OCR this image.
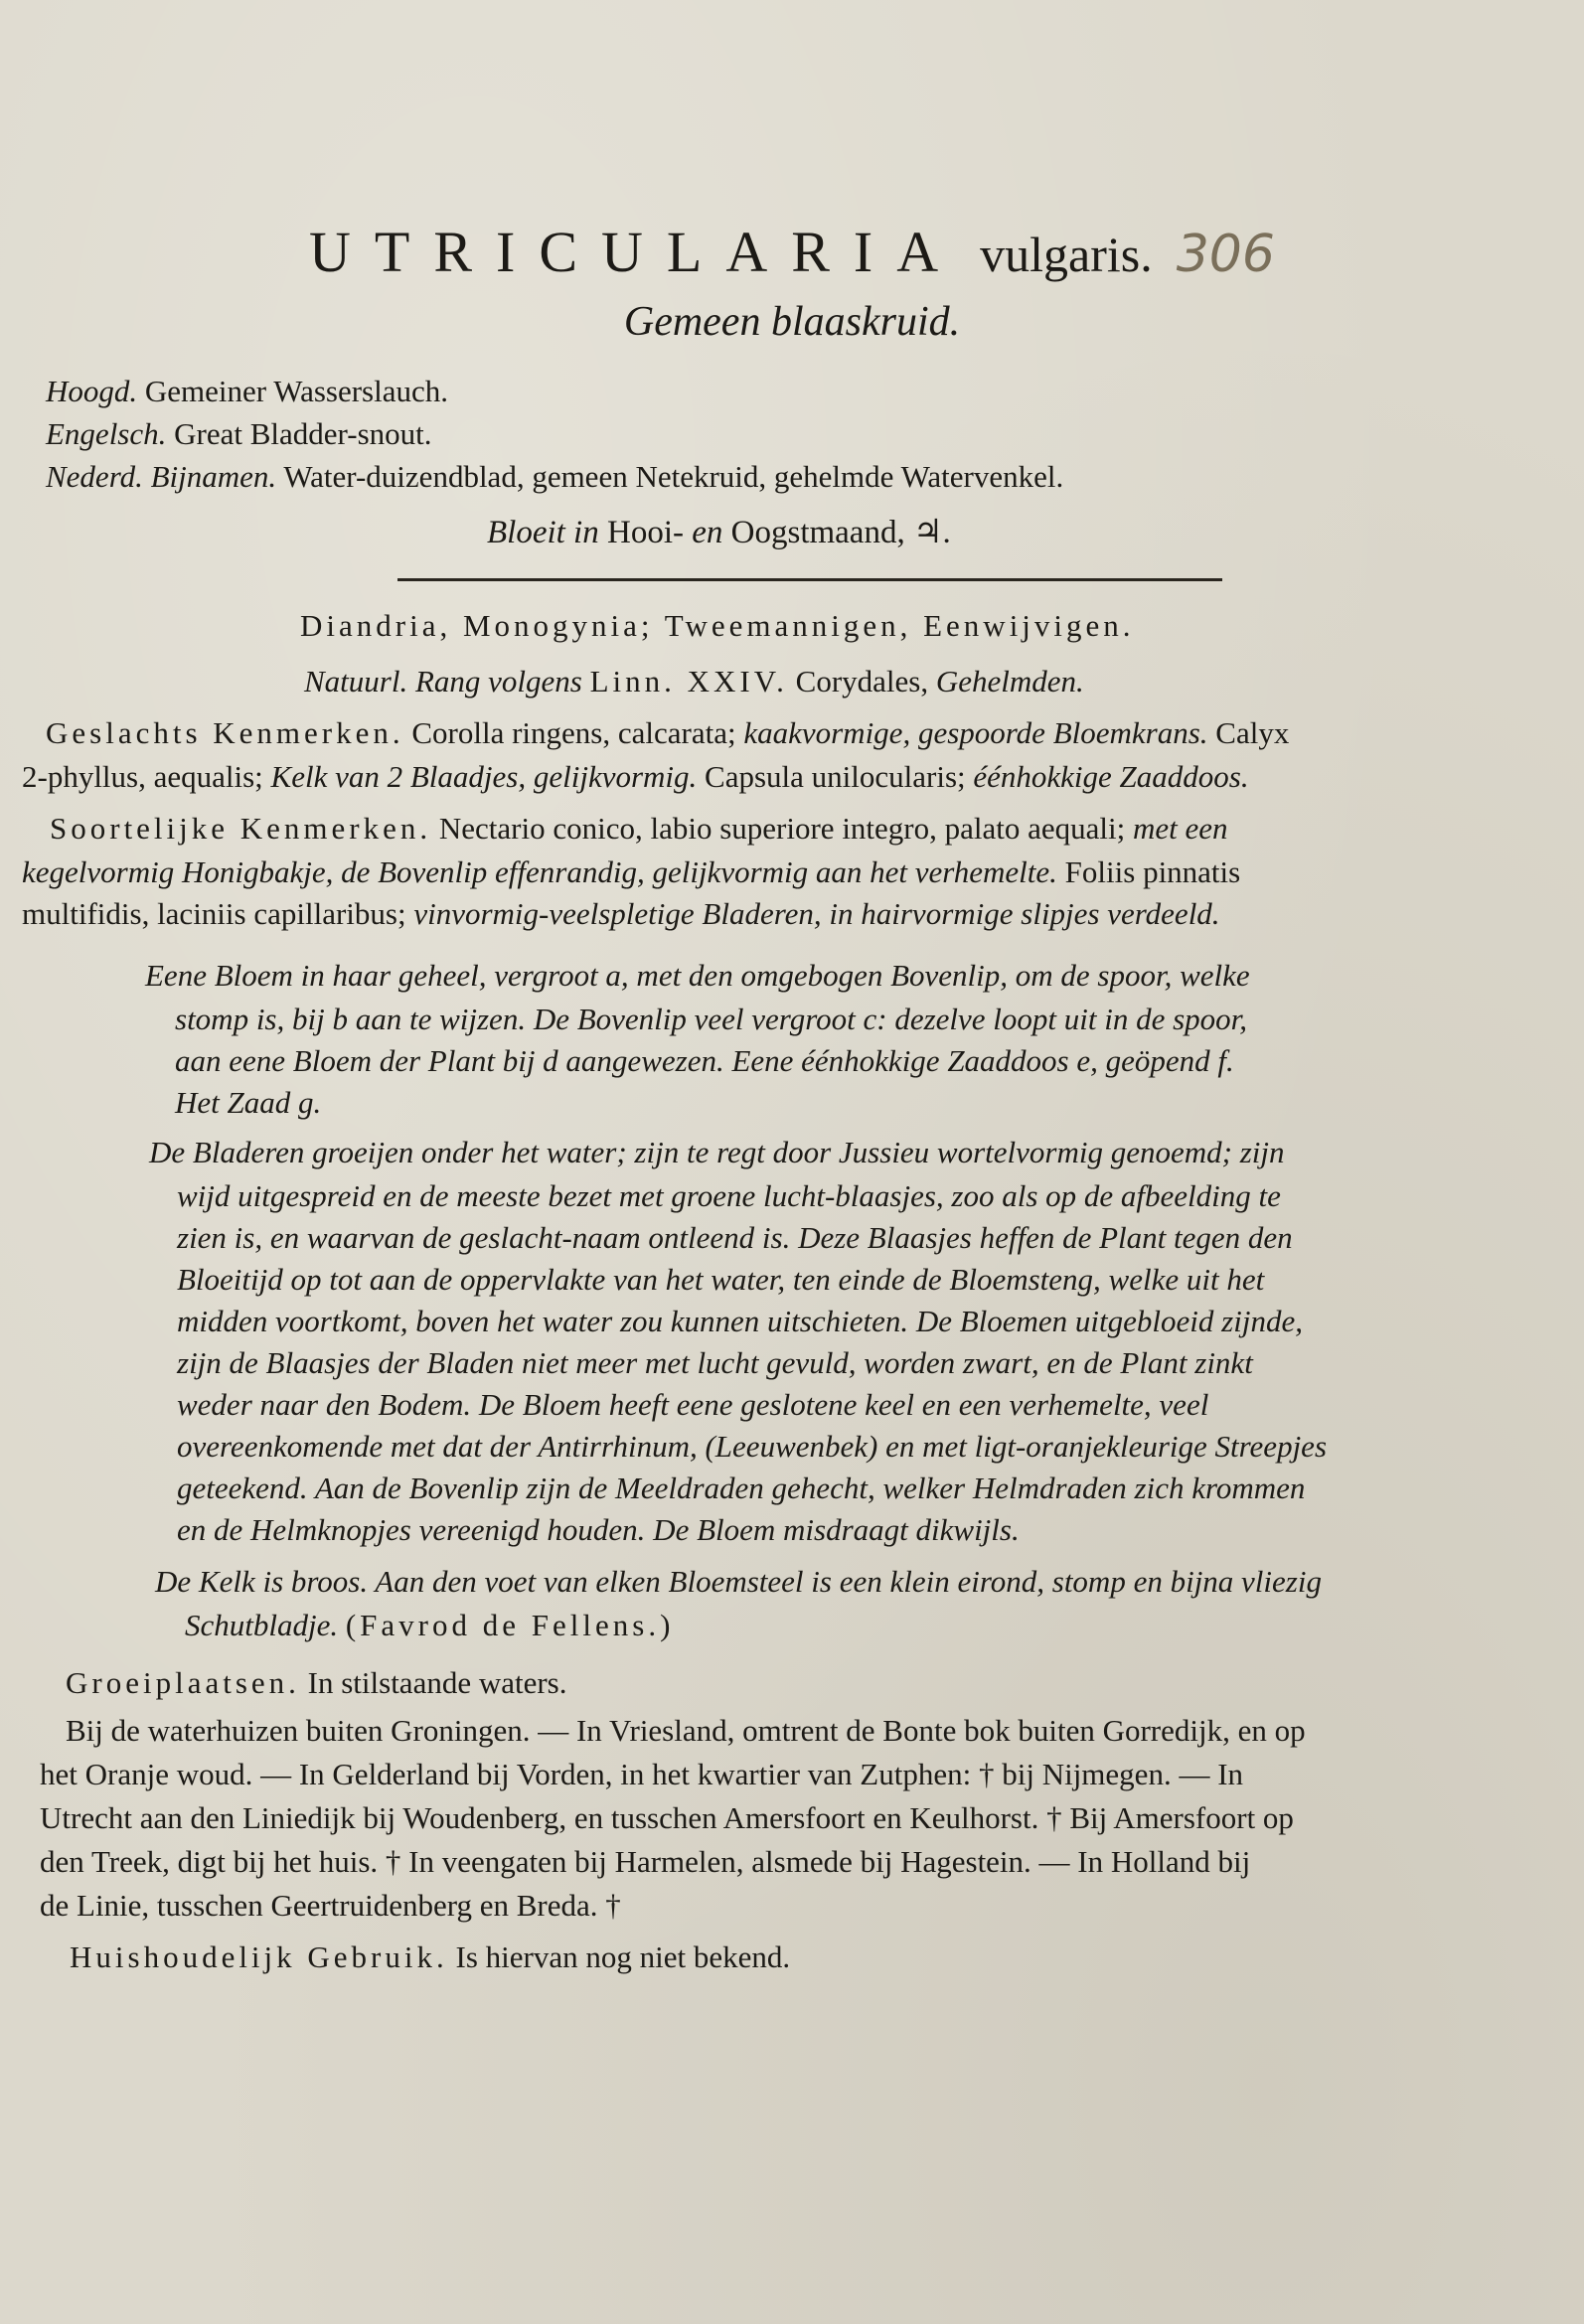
UTRICULARIA vulgaris. 306
Gemeen blaaskruid.
Hoogd. Gemeiner Wasserslauch.
Engelsch. Great Bladder-snout.
Nederd. Bijnamen. Water-duizendblad, gemeen Netekruid, gehelmde Watervenkel.
Bloeit in Hooi- en Oogstmaand, ♃.
Diandria, Monogynia; Tweemannigen, Eenwijvigen.
Natuurl. Rang volgens Linn. XXIV. Corydales, Gehelmden.
Geslachts Kenmerken. Corolla ringens, calcarata; kaakvormige, gespoorde Bloemkrans. Calyx
2-phyllus, aequalis; Kelk van 2 Blaadjes, gelijkvormig. Capsula unilocularis; éénhokkige Zaaddoos.
Soortelijke Kenmerken. Nectario conico, labio superiore integro, palato aequali; met een
kegelvormig Honigbakje, de Bovenlip effenrandig, gelijkvormig aan het verhemelte. Foliis pinnatis
multifidis, laciniis capillaribus; vinvormig-veelspletige Bladeren, in hairvormige slipjes verdeeld.
Eene Bloem in haar geheel, vergroot a, met den omgebogen Bovenlip, om de spoor, welke
stomp is, bij b aan te wijzen. De Bovenlip veel vergroot c: dezelve loopt uit in de spoor,
aan eene Bloem der Plant bij d aangewezen. Eene éénhokkige Zaaddoos e, geöpend f.
Het Zaad g.
De Bladeren groeijen onder het water; zijn te regt door Jussieu wortelvormig genoemd; zijn
wijd uitgespreid en de meeste bezet met groene lucht-blaasjes, zoo als op de afbeelding te
zien is, en waarvan de geslacht-naam ontleend is. Deze Blaasjes heffen de Plant tegen den
Bloeitijd op tot aan de oppervlakte van het water, ten einde de Bloemsteng, welke uit het
midden voortkomt, boven het water zou kunnen uitschieten. De Bloemen uitgebloeid zijnde,
zijn de Blaasjes der Bladen niet meer met lucht gevuld, worden zwart, en de Plant zinkt
weder naar den Bodem. De Bloem heeft eene geslotene keel en een verhemelte, veel
overeenkomende met dat der Antirrhinum, (Leeuwenbek) en met ligt-oranjekleurige Streepjes
geteekend. Aan de Bovenlip zijn de Meeldraden gehecht, welker Helmdraden zich krommen
en de Helmknopjes vereenigd houden. De Bloem misdraagt dikwijls.
De Kelk is broos. Aan den voet van elken Bloemsteel is een klein eirond, stomp en bijna vliezig
Schutbladje. (Favrod de Fellens.)
Groeiplaatsen. In stilstaande waters.
Bij de waterhuizen buiten Groningen. — In Vriesland, omtrent de Bonte bok buiten Gorredijk, en op
het Oranje woud. — In Gelderland bij Vorden, in het kwartier van Zutphen: † bij Nijmegen. — In
Utrecht aan den Liniedijk bij Woudenberg, en tusschen Amersfoort en Keulhorst. † Bij Amersfoort op
den Treek, digt bij het huis. † In veengaten bij Harmelen, alsmede bij Hagestein. — In Holland bij
de Linie, tusschen Geertruidenberg en Breda. †
Huishoudelijk Gebruik. Is hiervan nog niet bekend.
